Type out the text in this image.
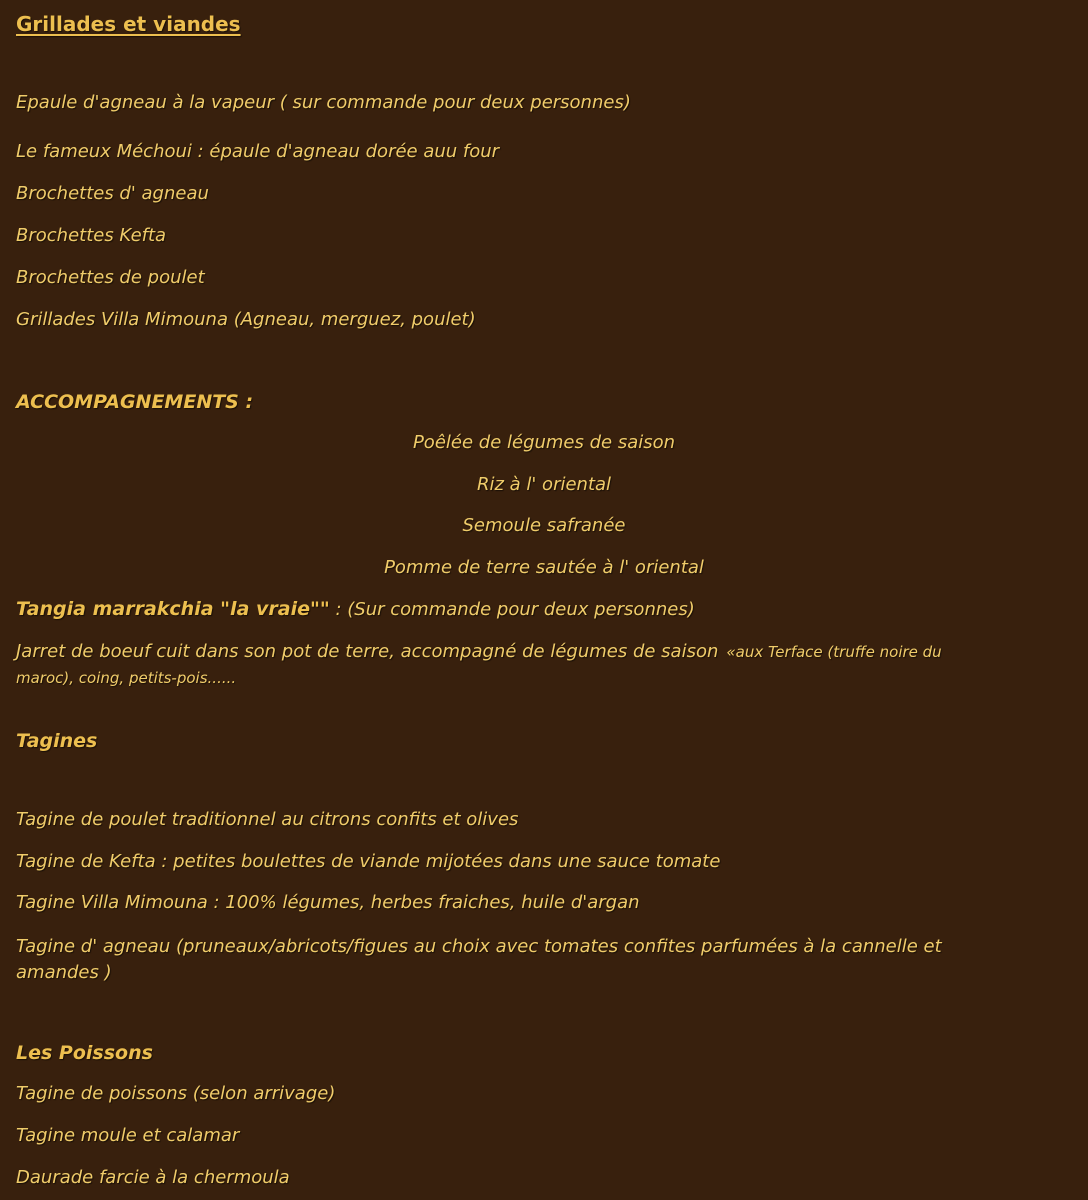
Grillades et viandes

Epaule d'agneau à la vapeur ( sur commande pour deux personnes)

Le fameux Méchoui : épaule d'agneau dorée auu four

Brochettes d' agneau

Brochettes Kefta

Brochettes de poulet

Grillades Villa Mimouna (Agneau, merguez, poulet)

ACCOMPAGNEMENTS :

Poêlée de légumes de saison

Riz à l' oriental

Semoule safranée

Pomme de terre sautée à l' oriental

Tangia marrakchia "la vraie"" : (Sur commande pour deux personnes)

Jarret de boeuf cuit dans son pot de terre, accompagné de légumes de saison «aux Terface (truffe noire du
maroc), coing, petits-pois......

Tagines

Tagine de poulet traditionnel au citrons confits et olives

Tagine de Kefta : petites boulettes de viande mijotées dans une sauce tomate

Tagine Villa Mimouna : 100% légumes, herbes fraiches, huile d'argan

Tagine d' agneau (pruneaux/abricots/figues au choix avec tomates confites parfumées à la cannelle et
amandes )

Les Poissons

Tagine de poissons (selon arrivage)

Tagine moule et calamar

Daurade farcie à la chermoula
